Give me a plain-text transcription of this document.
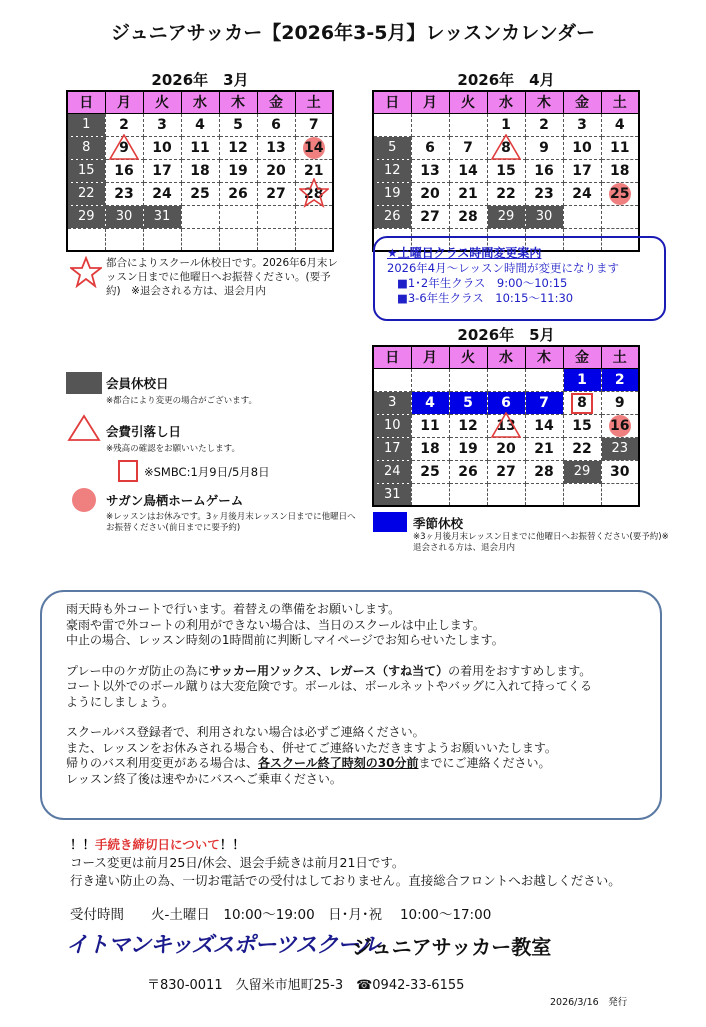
ジュニアサッカー【2026年3-5月】レッスンカレンダー
2026年　3月
日	月	火	水	木	金	土
1	2	3	4	5	6	7
8	9	10	11	12	13	14
15	16	17	18	19	20	21
22	23	24	25	26	27	28

29	30	31				

2026年　4月
日	月	火	水	木	金	土
			1	2	3	4
5	6	7	8	9	10	11
12	13	14	15	16	17	18
19	20	21	22	23	24	25
26	27	28	29	30		

2026年　5月
日	月	火	水	木	金	土
					1	2
3	4	5	6	7	8	9
10	11	12	13	14	15	16
17	18	19	20	21	22	23
24	25	26	27	28	29	30
31						
都合によりスクール休校日です。2026年6月末レッスン日までに他曜日へお振替ください。(要予約)　※退会される方は、退会月内
★土曜日クラス時間変更案内
2026年4月～レッスン時間が変更になります
■1･2年生クラス　9:00～10:15
■3-6年生クラス　10:15～11:30
会員休校日
※都合により変更の場合がございます。
会費引落し日
※残高の確認をお願いいたします。
※SMBC:1月9日/5月8日
サガン鳥栖ホームゲーム
※レッスンはお休みです。3ヶ月後月末レッスン日までに他曜日へお振替ください(前日までに要予約)	季節休校
※3ヶ月後月末レッスン日までに他曜日へお振替ください(要予約)※退会される方は、退会月内

雨天時も外コートで行います。着替えの準備をお願いします。

豪雨や雷で外コートの利用ができない場合は、当日のスクールは中止します。

中止の場合、レッスン時刻の1時間前に判断しマイページでお知らせいたします。

プレー中のケガ防止の為にサッカー用ソックス、レガース（すね当て）の着用をおすすめします。

コート以外でのボール蹴りは大変危険です。ボールは、ボールネットやバッグに入れて持ってくる

ようにしましょう。

スクールバス登録者で、利用されない場合は必ずご連絡ください。

また、レッスンをお休みされる場合も、併せてご連絡いただきますようお願いいたします。

帰りのバス利用変更がある場合は、各スクール終了時刻の30分前までにご連絡ください。

レッスン終了後は速やかにバスへご乗車ください。

！！手続き締切日について！！
コース変更は前月25日/休会、退会手続きは前月21日です。
行き違い防止の為、一切お電話での受付はしておりません。直接総合フロントへお越しください。
受付時間　　火-土曜日　10:00～19:00　日･月･祝　 10:00～17:00
イトマンキッズスポーツスクール
ジュニアサッカー教室
〒830-0011　久留米市旭町25-3　☎0942-33-6155
2026/3/16　発行
